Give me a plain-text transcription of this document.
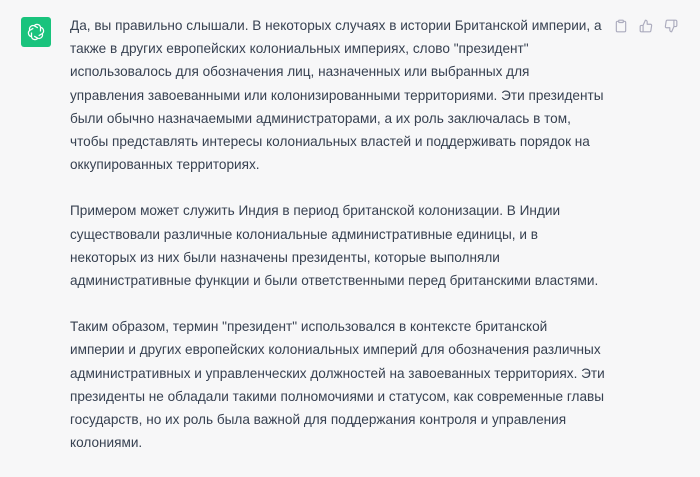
Да, вы правильно слышали. В некоторых случаях в истории Британской империи, а также в других европейских колониальных империях, слово "президент" использовалось для обозначения лиц, назначенных или выбранных для управления завоеванными или колонизированными территориями. Эти президенты были обычно назначаемыми администраторами, а их роль заключалась в том, чтобы представлять интересы колониальных властей и поддерживать порядок на оккупированных территориях.

Примером может служить Индия в период британской колонизации. В Индии существовали различные колониальные административные единицы, и в некоторых из них были назначены президенты, которые выполняли административные функции и были ответственными перед британскими властями.

Таким образом, термин "президент" использовался в контексте британской империи и других европейских колониальных империй для обозначения различных административных и управленческих должностей на завоеванных территориях. Эти президенты не обладали такими полномочиями и статусом, как современные главы государств, но их роль была важной для поддержания контроля и управления колониями.
